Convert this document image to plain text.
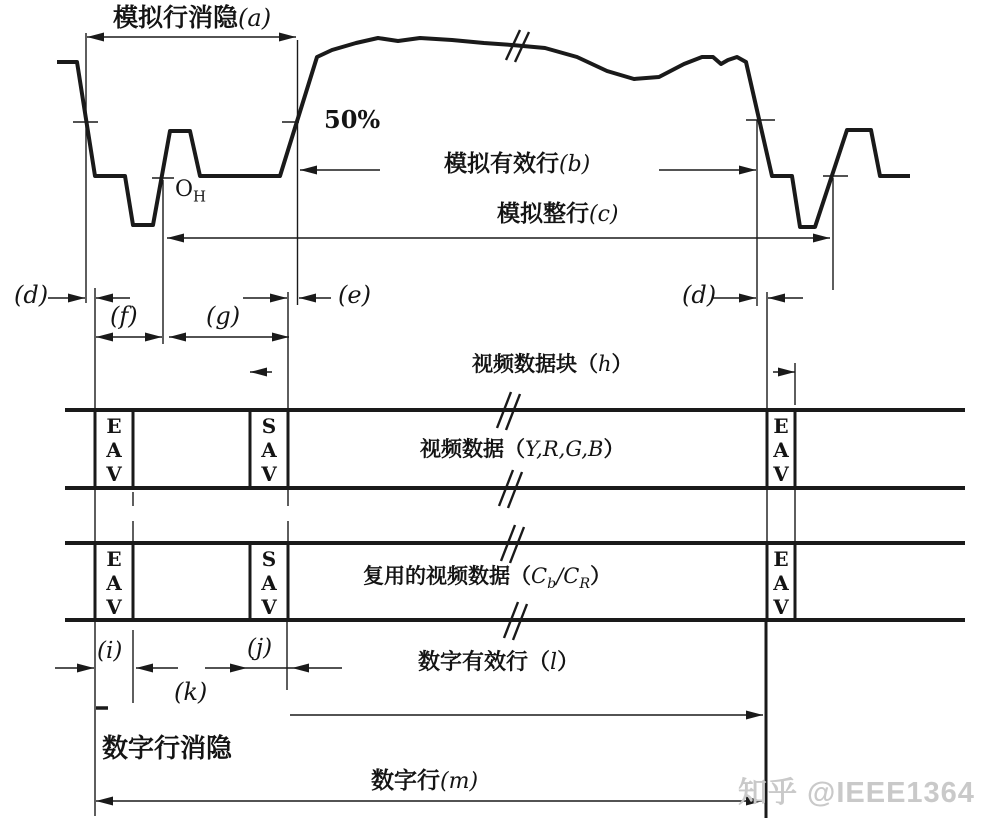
模拟行消隐(a)
50%
$O_H$
模拟有效行(b)
模拟整行(c)
(d)
(f)	(g)
(e)	(d)
视频数据块（h）
E
A
V
S
A
V
E
A
V
视频数据（Y,R,G,B）
E
A
V
S
A
V
E
A
V
复用的视频数据$(C_b/C_R)$
(i)	(j)
(k)
数字有效行（l）
数字行消隐
数字行(m)	知乎 @IEEE1364
